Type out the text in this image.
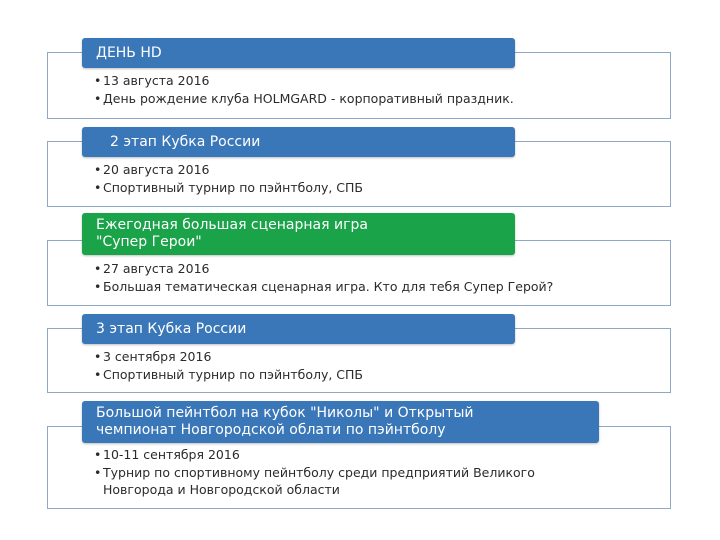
• 13 августа 2016
• День рождение клуба HOLMGARD - корпоративный праздник.
ДЕНЬ HD
• 20 августа 2016
• Спортивный турнир по пэйнтболу, СПБ
2 этап Кубка России
• 27 августа 2016
• Большая тематическая сценарная игра. Кто для тебя Супер Герой?
Ежегодная большая сценарная игра
"Супер Герои"
• 3 сентября 2016
• Спортивный турнир по пэйнтболу, СПБ
3 этап Кубка России
• 10-11 сентября 2016
• Турнир по спортивному пейнтболу среди предприятий Великого Новгорода и Новгородской области
Большой пейнтбол на кубок "Николы" и Открытый
чемпионат Новгородской облати по пэйнтболу
